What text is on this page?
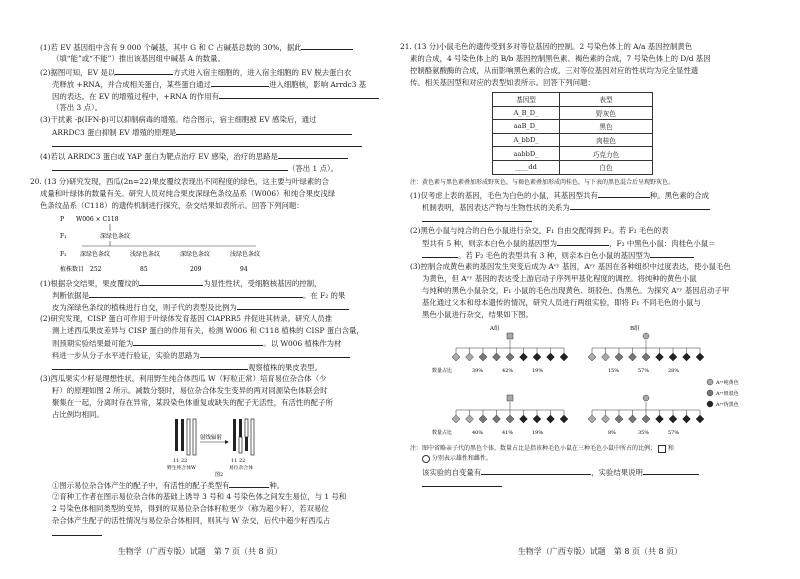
(1)若 EV 基因组中含有 9 000 个碱基，其中 G 和 C 占碱基总数的 30%，据此
（填“能”或“不能”）推出该基因组中碱基 A 的数量。
(2)据图可知，EV 是以	方式进入宿主细胞的，进入宿主细胞的 EV 脱去蛋白衣
壳释放 +RNA，并合成相关蛋白，某些蛋白通过	进入细胞核，影响 Arrdc3 基
因的表达。在 EV 的增殖过程中，+RNA 的作用有
（答出 3 点）。
(3)干扰素 -β(IFN-β)可以抑制病毒的增殖。结合图示，宿主细胞被 EV 感染后，通过
ARRDC3 蛋白抑制 EV 增殖的原理是
(4)若以 ARRDC3 蛋白或 YAP 蛋白为靶点治疗 EV 感染，治疗的思路是
（答出 1 点）。
20. (13 分)研究发现，西瓜(2n=22)果皮覆纹表现出不同程度的绿色，这主要与叶绿素的合
成量和叶绿体的数量有关。研究人员对纯合果皮深绿色条纹品系（W006）和纯合果皮浅绿
色条纹品系（C118）的遗传机制进行探究，杂交结果如表所示。回答下列问题：
P　　W006 × C118
F₁	深绿色条纹
F₂ 深绿色条纹	浅绿色条纹	深绿色条纹	浅绿色条纹
植株数目 252	85	209	94
(1)根据杂交结果，果皮覆纹的	为显性性状，受细胞核基因的控制，
判断依据是	。在 F₂ 的果
皮为深绿色条纹的植株进行自交，则子代的表型及比例为
(2)研究发现，CISP 蛋白可作用于叶绿体发育基因 ClAPRR5 并促进其转录。研究人员推
测上述西瓜果皮差异与 CISP 蛋白的作用有关，检测 W006 和 C118 植株的 CISP 蛋白含量，
则预期实验结果最可能为	。以 W006 植株作为材
料进一步从分子水平进行验证，实验的思路为
观察植株的果皮表型。
(3)西瓜果实少籽是理想性状。利用野生纯合体西瓜 W（籽粒正常）培育易位杂合体（少
籽）的原理如图 2 所示。减数分裂时，易位杂合体发生变异的两对同源染色体联会时
聚集在一起，分离时存在异常，某段染色体重复或缺失的配子无活性，有活性的配子所
占比例均相同。
射线辐射
11 22	11 22
野生纯合体W	易位杂合体
图2
①图示易位杂合体产生的配子中，有活性的配子类型有	种。
②育种工作者在图示易位杂合体的基础上诱导 3 号和 4 号染色体之间发生易位，与 1 号和
2 号染色体相同类型的变异，得到的双易位杂合体籽粒更少（称为超少籽），若双易位
杂合体产生配子的活性情况与易位杂合体相同，则其与 W 杂交，后代中超少籽西瓜占
生物学（广西专版）试题　第 7 页（共 8 页）
21. (13 分)小鼠毛色的遗传受到多对等位基因的控制。2 号染色体上的 A/a 基因控制黄色
素的合成，4 号染色体上的 B/b 基因控制黑色素、褐色素的合成，7 号染色体上的 D/d 基因
控制酪氨酸酶的合成，从而影响黑色素的合成，三对等位基因对应的性状均为完全显性遗
传。相关基因型和对应的表型如表所示。回答下列问题：
基因型	表型
A_B_D_	野灰色
aaB_D_	黑色
A_bbD_	肉桂色
aabbD_	巧克力色
____dd	白色
注：黄色素与黑色素叠加形成野灰色，与褐色素叠加形成肉桂色，与下表的黑色混合后呈现野灰色。
(1)仅考虑上表的基因，毛色为白色的小鼠，其基因型共有	种。黑色素的合成
机制表明，基因表达产物与生物性状的关系为
(2)黑色小鼠与纯合的白色小鼠进行杂交，F₁ 自由交配得到 F₂。若 F₂ 毛色的表
型共有 5 种，则亲本白色小鼠的基因型为	，F₂ 中黑色小鼠：肉桂色小鼠＝
。若 F₂ 毛色的表型共有 3 种，则亲本白色小鼠的基因型为
(3)控制合成黄色素的基因发生突变后成为 Aᵛʸ 基因，Aᵛʸ 基因在各种组织中过度表达，使小鼠毛色
为黄色，但 Aᵛʸ 基因的表达受上游启动子序列甲基化程度的调控。将纯种的黄色小鼠
与纯种的黑色小鼠杂交，F₁ 小鼠的毛色出现黄色、斑驳色、伪黑色。为探究 Aᵛʸ 基因启动子甲
基化通过父本和母本遗传的情况，研究人员进行两组实验，即将 F₁ 不同毛色的小鼠与
黑色小鼠进行杂交，结果如下图。
A组	B组
数量占比	39%	42%	19%	15%	57%	28%
数量占比	40%	41%	19%	8%	35%	57%
Aᵛʸ纯黄色
Aᵛʸ斑驳色
Aᵛʸ伪黑色
注：图中省略亲子代的黑色个体，数量占比是指该种毛色小鼠在三种毛色小鼠中所占的比例； 和
分别表示雄性和雌性。
该实验的自变量有	，实验结果说明
生物学（广西专版）试题　第 8 页（共 8 页）
